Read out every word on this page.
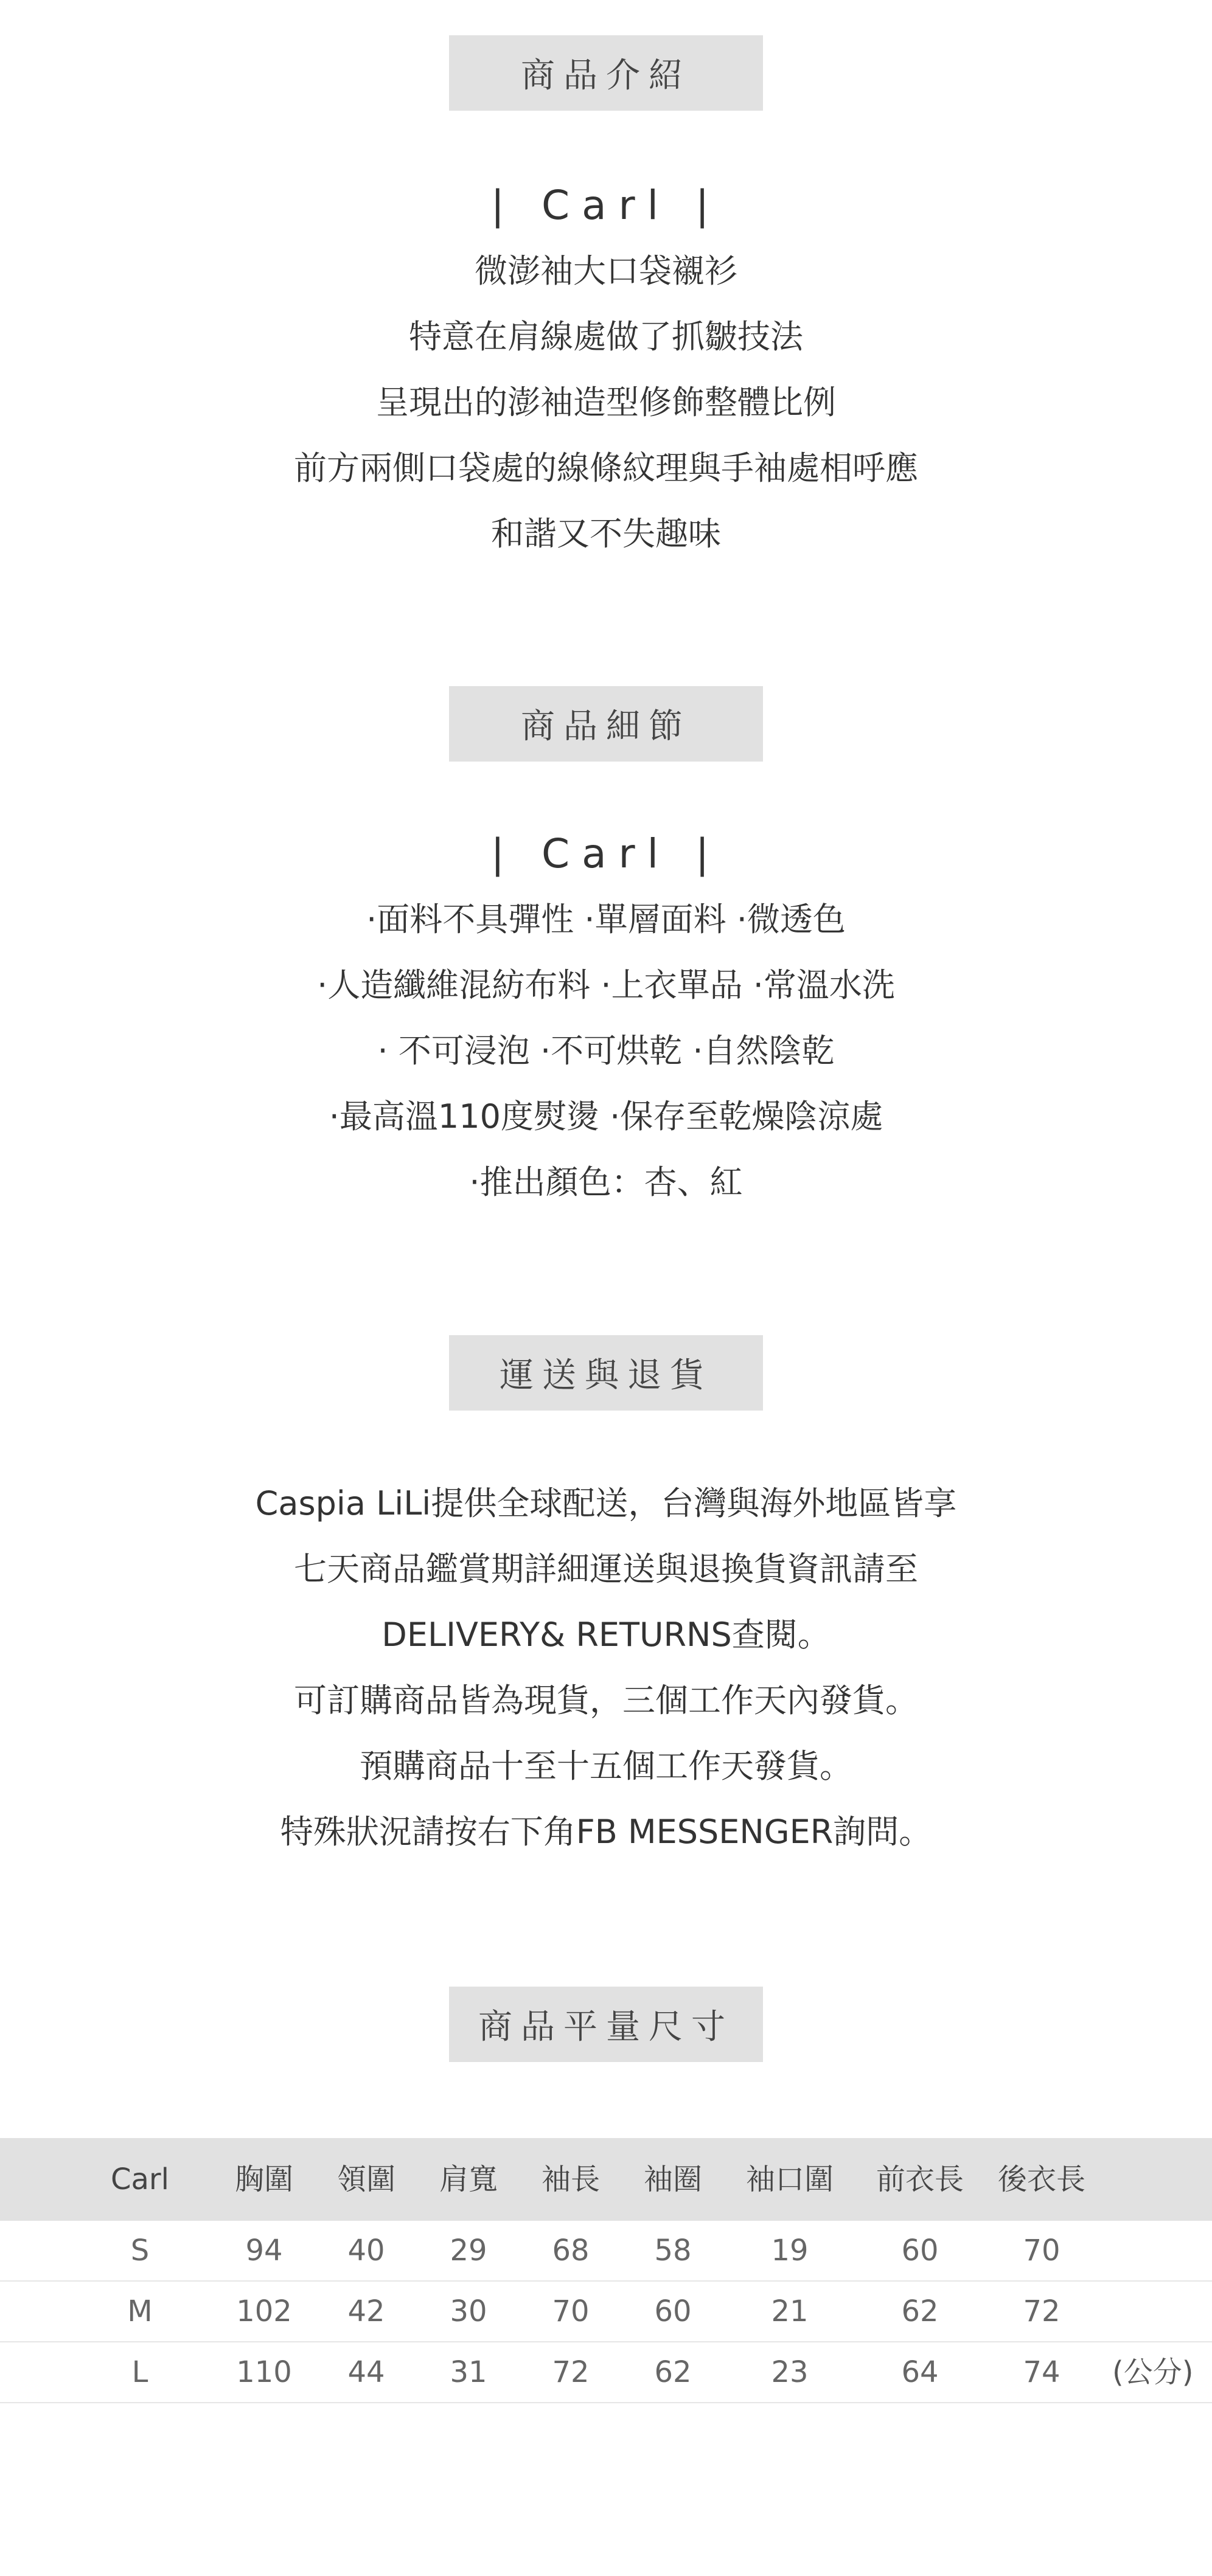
商品介紹
| Carl |
微澎袖大口袋襯衫
特意在肩線處做了抓皺技法
呈現出的澎袖造型修飾整體比例
前方兩側口袋處的線條紋理與手袖處相呼應
和諧又不失趣味
商品細節
| Carl |
·面料不具彈性 ·單層面料 ·微透色
·人造纖維混紡布料 ·上衣單品 ·常溫水洗
· 不可浸泡 ·不可烘乾 ·自然陰乾
·最高溫110度熨燙 ·保存至乾燥陰涼處
·推出顏色：杏、紅
運送與退貨
Caspia LiLi提供全球配送，台灣與海外地區皆享
七天商品鑑賞期詳細運送與退換貨資訊請至
DELIVERY& RETURNS查閱。
可訂購商品皆為現貨，三個工作天內發貨。
預購商品十至十五個工作天發貨。
特殊狀況請按右下角FB MESSENGER詢問。
商品平量尺寸
Carl 胸圍 領圍 肩寬 袖長 袖圈 袖口圍 前衣長 後衣長
S	94 40 29 68 58	19	60	70
M	102 42 30 70 60	21	62	72
L	110 44 31 72 62	23	64	74 (公分)
